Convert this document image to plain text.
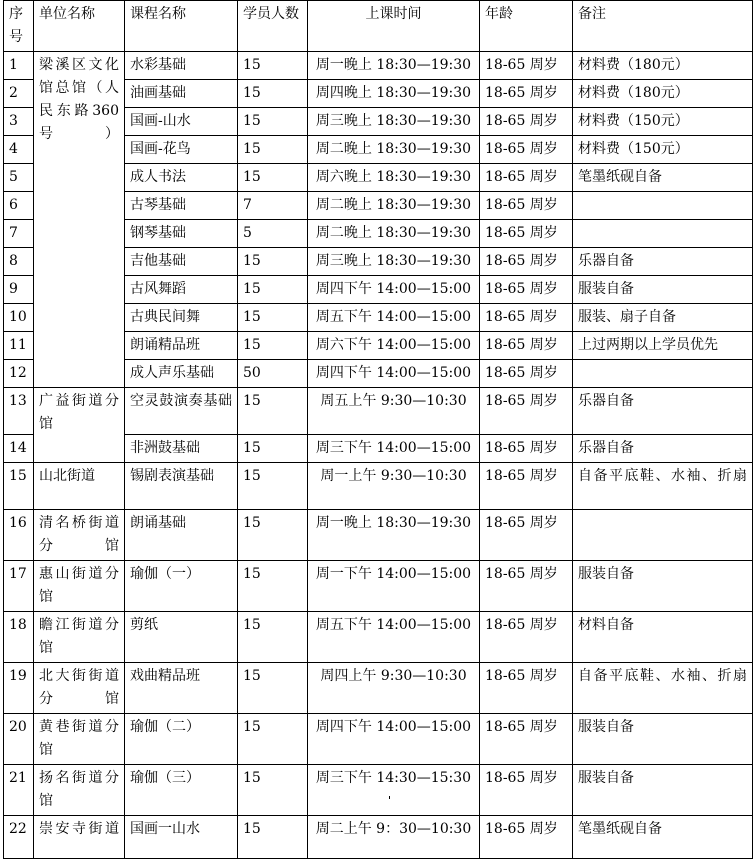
序号	单位名称	课程名称	学员人数	上课时间	年龄	备注
1	梁溪区文化馆总馆（人民东路360号）	水彩基础	15	周一晚上 18:30—19:30	18-65 周岁	材料费（180元）
2		油画基础	15	周四晚上 18:30—19:30	18-65 周岁	材料费（180元）
3		国画-山水	15	周三晚上 18:30—19:30	18-65 周岁	材料费（150元）
4		国画-花鸟	15	周二晚上 18:30—19:30	18-65 周岁	材料费（150元）
5		成人书法	15	周六晚上 18:30—19:30	18-65 周岁	笔墨纸砚自备
6		古琴基础	7	周二晚上 18:30—19:30	18-65 周岁	
7		钢琴基础	5	周二晚上 18:30—19:30	18-65 周岁	
8		吉他基础	15	周三晚上 18:30—19:30	18-65 周岁	乐器自备
9		古风舞蹈	15	周四下午 14:00—15:00	18-65 周岁	服装自备
10		古典民间舞	15	周五下午 14:00—15:00	18-65 周岁	服装、扇子自备
11		朗诵精品班	15	周六下午 14:00—15:00	18-65 周岁	上过两期以上学员优先
12		成人声乐基础	50	周四下午 14:00—15:00	18-65 周岁	
13	广益街道分馆	空灵鼓演奏基础	15	周五上午 9:30—10:30	18-65 周岁	乐器自备
14		非洲鼓基础	15	周三下午 14:00—15:00	18-65 周岁	乐器自备
15	山北街道	锡剧表演基础	15	周一上午 9:30—10:30	18-65 周岁	自备平底鞋、水袖、折扇
16	清名桥街道分馆	朗诵基础	15	周一晚上 18:30—19:30	18-65 周岁	
17	惠山街道分馆	瑜伽（一）	15	周一下午 14:00—15:00	18-65 周岁	服装自备
18	瞻江街道分馆	剪纸	15	周五下午 14:00—15:00	18-65 周岁	材料自备
19	北大街街道分馆	戏曲精品班	15	周四上午 9:30—10:30	18-65 周岁	自备平底鞋、水袖、折扇
20	黄巷街道分馆	瑜伽（二）	15	周四下午 14:00—15:00	18-65 周岁	服装自备
21	扬名街道分馆	瑜伽（三）	15	周三下午 14:30—15:30	18-65 周岁	服装自备
22	崇安寺街道	国画一山水	15	周二上午 9：30—10:30	18-65 周岁	笔墨纸砚自备
